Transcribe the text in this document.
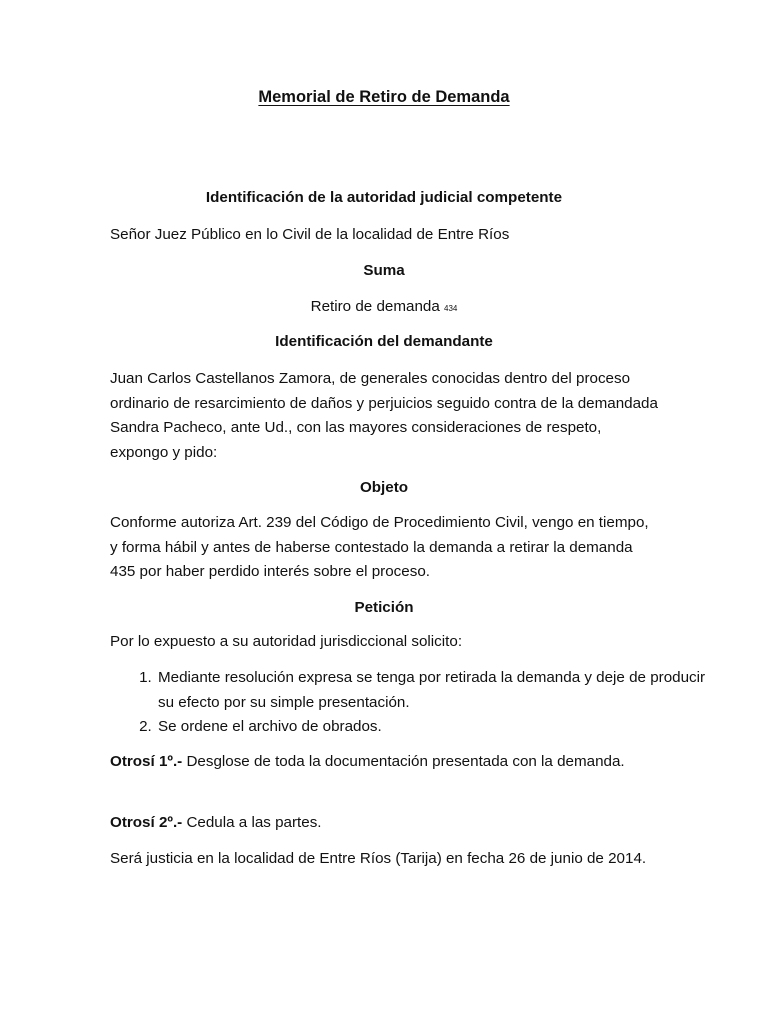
Memorial de Retiro de Demanda

Identificación de la autoridad judicial competente

Señor Juez Público en lo Civil de la localidad de Entre Ríos

Suma

Retiro de demanda 434

Identificación del demandante

Juan Carlos Castellanos Zamora, de generales conocidas dentro del proceso ordinario de resarcimiento de daños y perjuicios seguido contra de la demandada Sandra Pacheco, ante Ud., con las mayores consideraciones de respeto, expongo y pido:

Objeto

Conforme autoriza Art. 239 del Código de Procedimiento Civil, vengo en tiempo, y forma hábil y antes de haberse contestado la demanda a retirar la demanda 435 por haber perdido interés sobre el proceso.

Petición

Por lo expuesto a su autoridad jurisdiccional solicito:

1. Mediante resolución expresa se tenga por retirada la demanda y deje de producir su efecto por su simple presentación.
2. Se ordene el archivo de obrados.

Otrosí 1º.- Desglose de toda la documentación presentada con la demanda.

Otrosí 2º.- Cedula a las partes.

Será justicia en la localidad de Entre Ríos (Tarija) en fecha 26 de junio de 2014.
